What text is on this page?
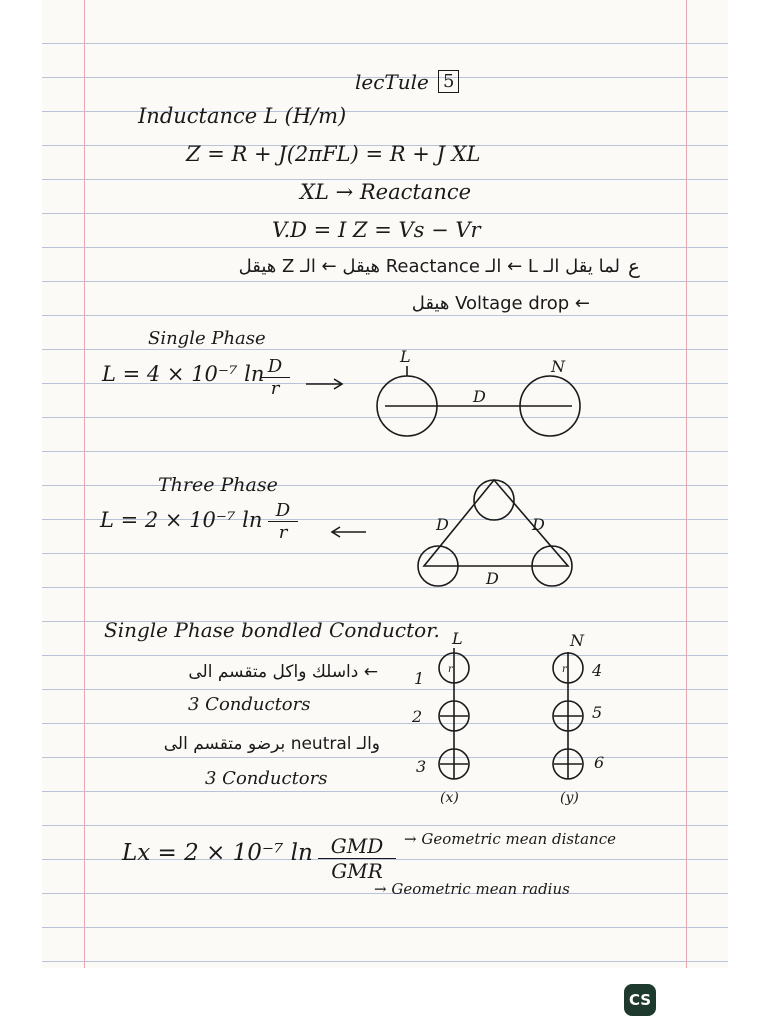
lecTule 5
Inductance L (H/m)
Z = R + J(2πFL) = R + J XL
XL → Reactance
V.D = I Z = Vs − Vr
لما يقل الـ L ← الـ Reactance هيقل ← الـ Z هيقل ع
← Voltage drop هيقل
Single Phase
L = 4 × 10⁻⁷ ln
$\frac{D}{r}$
Three Phase
L = 2 × 10⁻⁷ $\ln \frac{D}{r}$
Single Phase bondled Conductor.
← داسلك واكل متقسم الى
3 Conductors
والـ neutral برضو متقسم الى
3 Conductors
Lx = 2 × 10⁻⁷ ln GMD
GMR
→ Geometric mean distance
→ Geometric mean radius
L
N
D
D	D
D
L	N
1
2
3
4
5
6
(x)	(y)
r	r
CS
